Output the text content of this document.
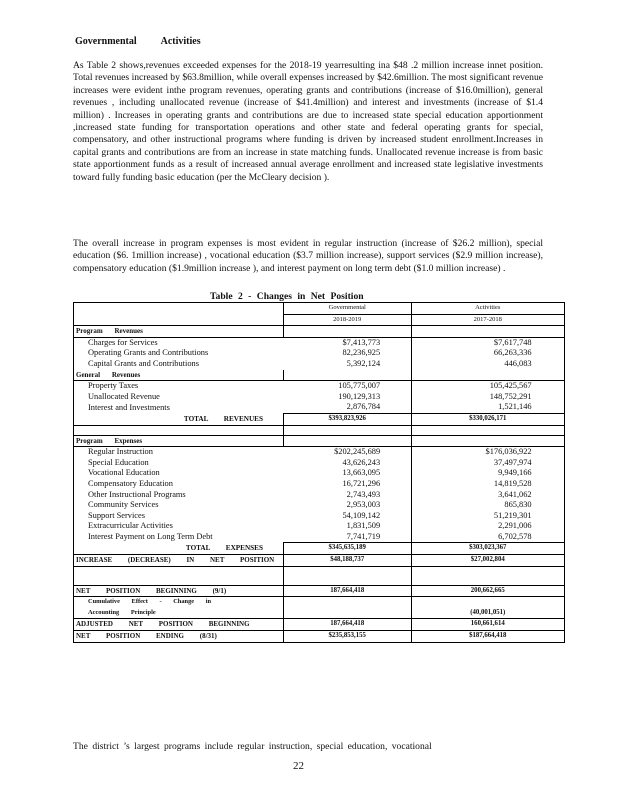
Governmental Activities

As Table 2 shows,revenues exceeded expenses for the 2018-19 yearresulting ina $48 .2 million increase innet position. Total revenues increased by $63.8million, while overall expenses increased by $42.6million. The most significant revenue increases were evident inthe program revenues, operating grants and contributions (increase of $16.0million), general revenues , including unallocated revenue (increase of $41.4million) and interest and investments (increase of $1.4 million) . Increases in operating grants and contributions are due to increased state special education apportionment ,increased state funding for transportation operations and other state and federal operating grants for special, compensatory, and other instructional programs where funding is driven by increased student enrollment.Increases in capital grants and contributions are from an increase in state matching funds. Unallocated revenue increase is from basic state apportionment funds as a result of increased annual average enrollment and increased state legislative investments toward fully funding basic education (per the McCleary decision ).

The overall increase in program expenses is most evident in regular instruction (increase of $26.2 million), special education ($6. 1million increase) , vocational education ($3.7 million increase), support services ($2.9 million increase), compensatory education ($1.9million increase ), and interest payment on long term debt ($1.0 million increase) .

Table 2 - Changes in Net Position
	Governmental		Activities	
	2018-2019		2017-2018	
Program Revenues				
Charges for Services	$7,413,773		$7,617,748	
Operating Grants and Contributions	82,236,925		66,263,336	
Capital Grants and Contributions	5,392,124		446,083	
General Revenues				
Property Taxes	105,775,007		105,425,567	
Unallocated Revenue	190,129,313		148,752,291	
Interest and Investments	2,876,784		1,521,146	
TOTAL REVENUES	$393,823,926		$330,026,171	

Program Expenses				
Regular Instruction	$202,245,689		$176,036,922	
Special Education	43,626,243		37,497,974	
Vocational Education	13,663,095		9,949,166	
Compensatory Education	16,721,296		14,819,528	
Other Instructional Programs	2,743,493		3,641,062	
Community Services	2,953,003		865,830	
Support Services	54,109,142		51,219,301	
Extracurricular Activities	1,831,509		2,291,006	
Interest Payment on Long Term Debt	7,741,719		6,702,578	
TOTAL EXPENSES	$345,635,189		$303,023,367	
INCREASE (DECREASE) IN NET POSITION	$48,188,737		$27,002,804	

NET POSITION BEGINNING (9/1)	187,664,418		200,662,665	
Cumulative Effect - Change in				
Accounting Principle			(40,001,051)	
ADJUSTED NET POSITION BEGINNING	187,664,418		160,661,614	
NET POSITION ENDING (8/31)	$235,853,155		$187,664,418	
The district ’s largest programs include regular instruction, special education, vocational
22
